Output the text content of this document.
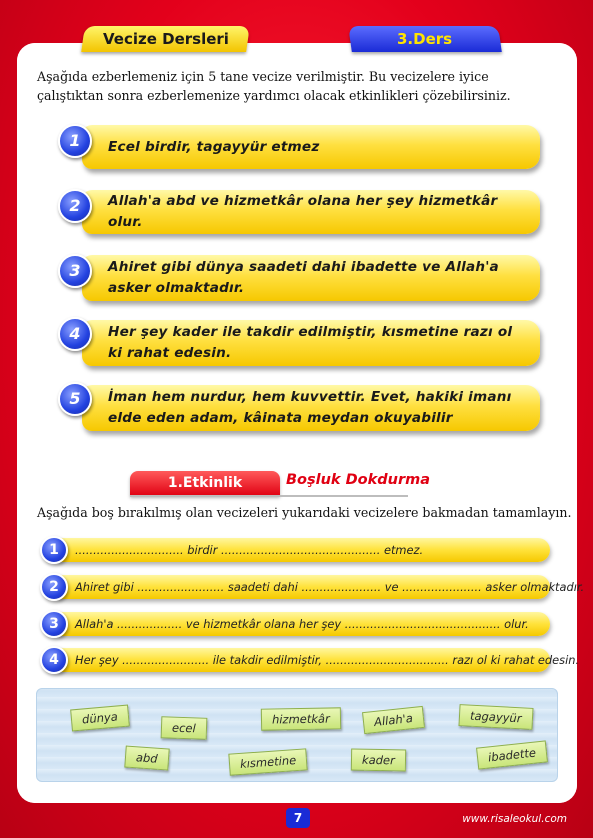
Vecize Dersleri	3.Ders
Aşağıda ezberlemeniz için 5 tane vecize verilmiştir. Bu vecizelere iyice çalıştıktan sonra ezberlemenize yardımcı olacak etkinlikleri çözebilirsiniz.
Ecel birdir, tagayyür etmez
1
Allah'a abd ve hizmetkâr olana her şey hizmetkâr olur.
2
Ahiret gibi dünya saadeti dahi ibadette ve Allah'a asker olmaktadır.
3
Her şey kader ile takdir edilmiştir, kısmetine razı ol ki rahat edesin.
4
İman hem nurdur, hem kuvvettir. Evet, hakiki imanı elde eden adam, kâinata meydan okuyabilir
5
1.Etkinlik	Boşluk Dokdurma
Aşağıda boş bırakılmış olan vecizeleri yukarıdaki vecizelere bakmadan tamamlayın.
.............................. birdir ............................................ etmez.
1
Ahiret gibi ........................ saadeti dahi ...................... ve ...................... asker olmaktadır.
2
Allah'a .................. ve hizmetkâr olana her şey ........................................... olur.
3
Her şey ........................ ile takdir edilmiştir, .................................. razı ol ki rahat edesin.
4
dünya
ecel
hizmetkâr	Allah'a	tagayyür
abd	kısmetine	kader	ibadette
7	www.risaleokul.com
